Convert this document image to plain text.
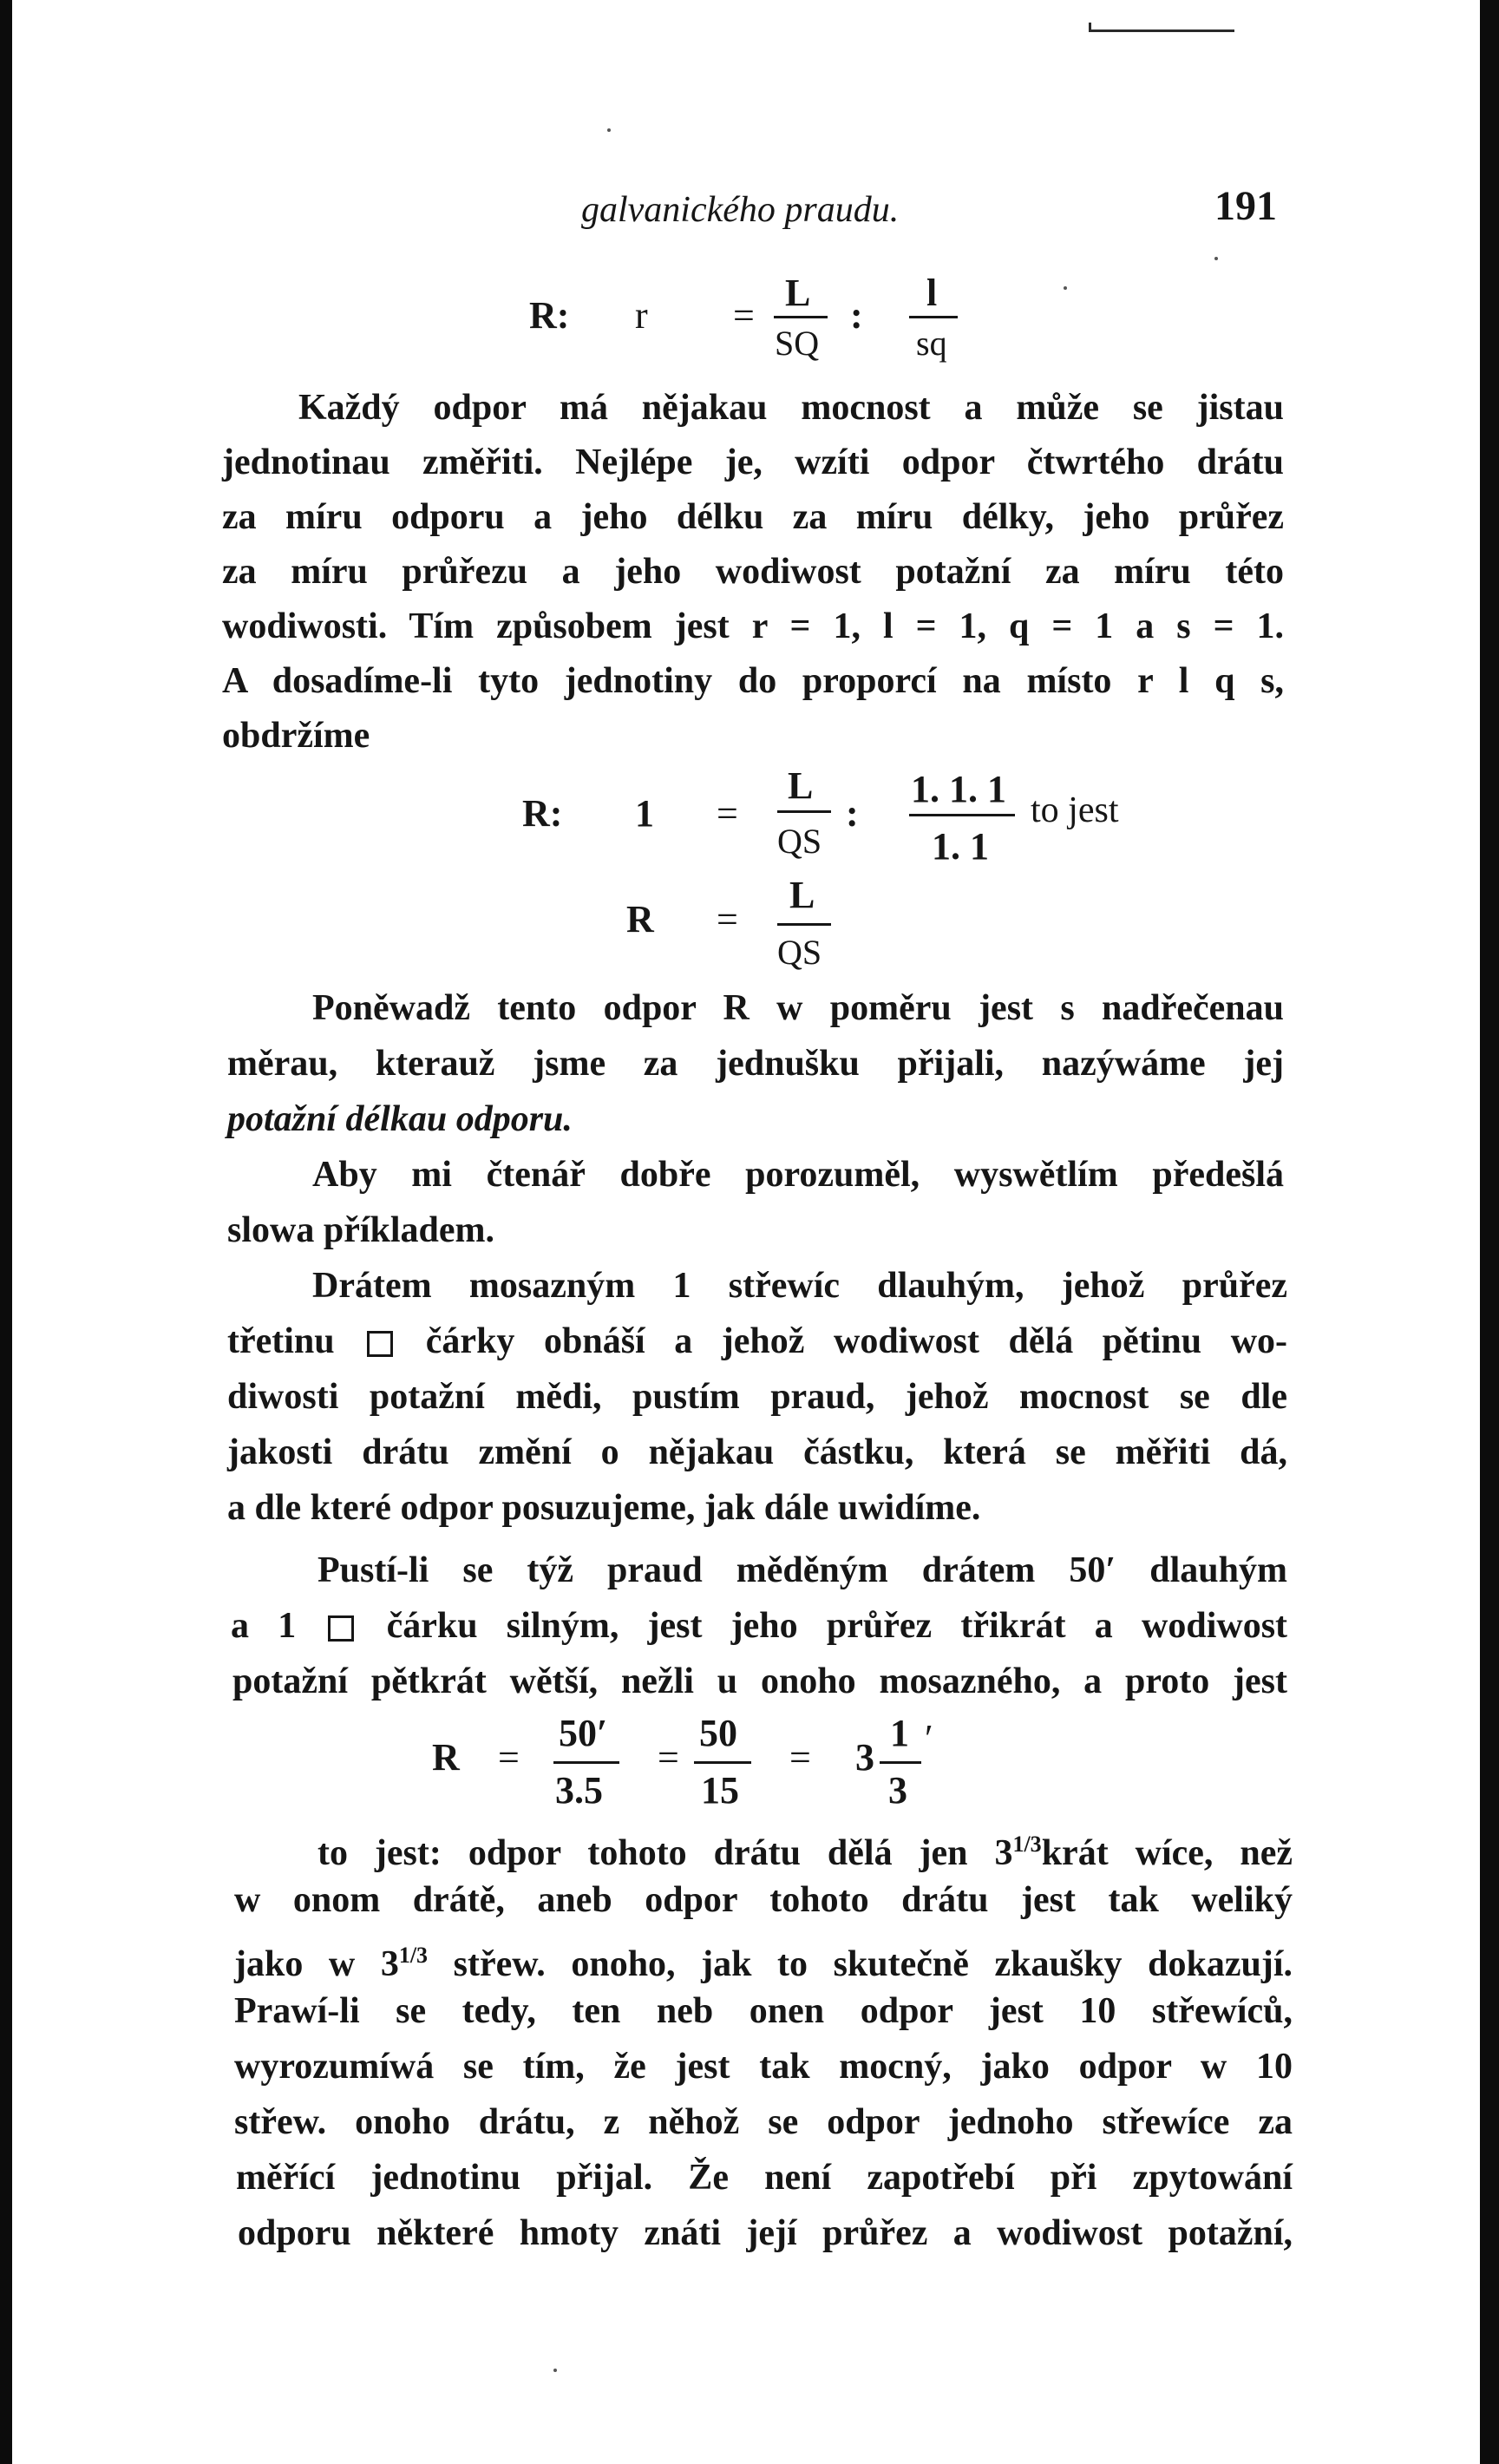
galvanického praudu.	191
R: r =
L
SQ
:
l
sq
Každý odpor má nějakau mocnost a může se jistau
jednotinau změřiti. Nejlépe je, wzíti odpor čtwrtého drátu
za míru odporu a jeho délku za míru délky, jeho průřez
za míru průřezu a jeho wodiwost potažní za míru této
wodiwosti. Tím způsobem jest r = 1, l = 1, q = 1 a s = 1.
A dosadíme-li tyto jednotiny do proporcí na místo r l q s,
obdržíme
R: 1 =
L
QS
:
1. 1. 1
1. 1
to jest
R =
L
QS
Poněwadž tento odpor R w poměru jest s nadřečenau
měrau, kterauž jsme za jednušku přijali, nazýwáme jej
potažní délkau odporu.
Aby mi čtenář dobře porozuměl, wyswětlím předešlá
slowa příkladem.
Drátem mosazným 1 střewíc dlauhým, jehož průřez
třetinu	čárky obnáší a jehož wodiwost dělá pětinu wo-
diwosti potažní mědi, pustím praud, jehož mocnost se dle
jakosti drátu změní o nějakau částku, která se měřiti dá,
a dle které odpor posuzujeme, jak dále uwidíme.
Pustí-li se týž praud měděným drátem 50′ dlauhým
a 1 čárku silným, jest jeho průřez třikrát a wodiwost
potažní pětkrát wětší, nežli u onoho mosazného, a proto jest
R =
50′
3.5
=
50
15
= 3
1 ′
3
to jest: odpor tohoto drátu dělá jen $3^{1/3}krát$ wíce, než
w onom drátě, aneb odpor tohoto drátu jest tak weliký
jako w $3^{1/3}$ střew. onoho, jak to skutečně zkaušky dokazují.
Prawí-li se tedy, ten neb onen odpor jest 10 střewíců,
wyrozumíwá se tím, že jest tak mocný, jako odpor w 10
střew. onoho drátu, z něhož se odpor jednoho střewíce za
měřící jednotinu přijal. Že není zapotřebí při zpytowání
odporu některé hmoty znáti její průřez a wodiwost potažní,
